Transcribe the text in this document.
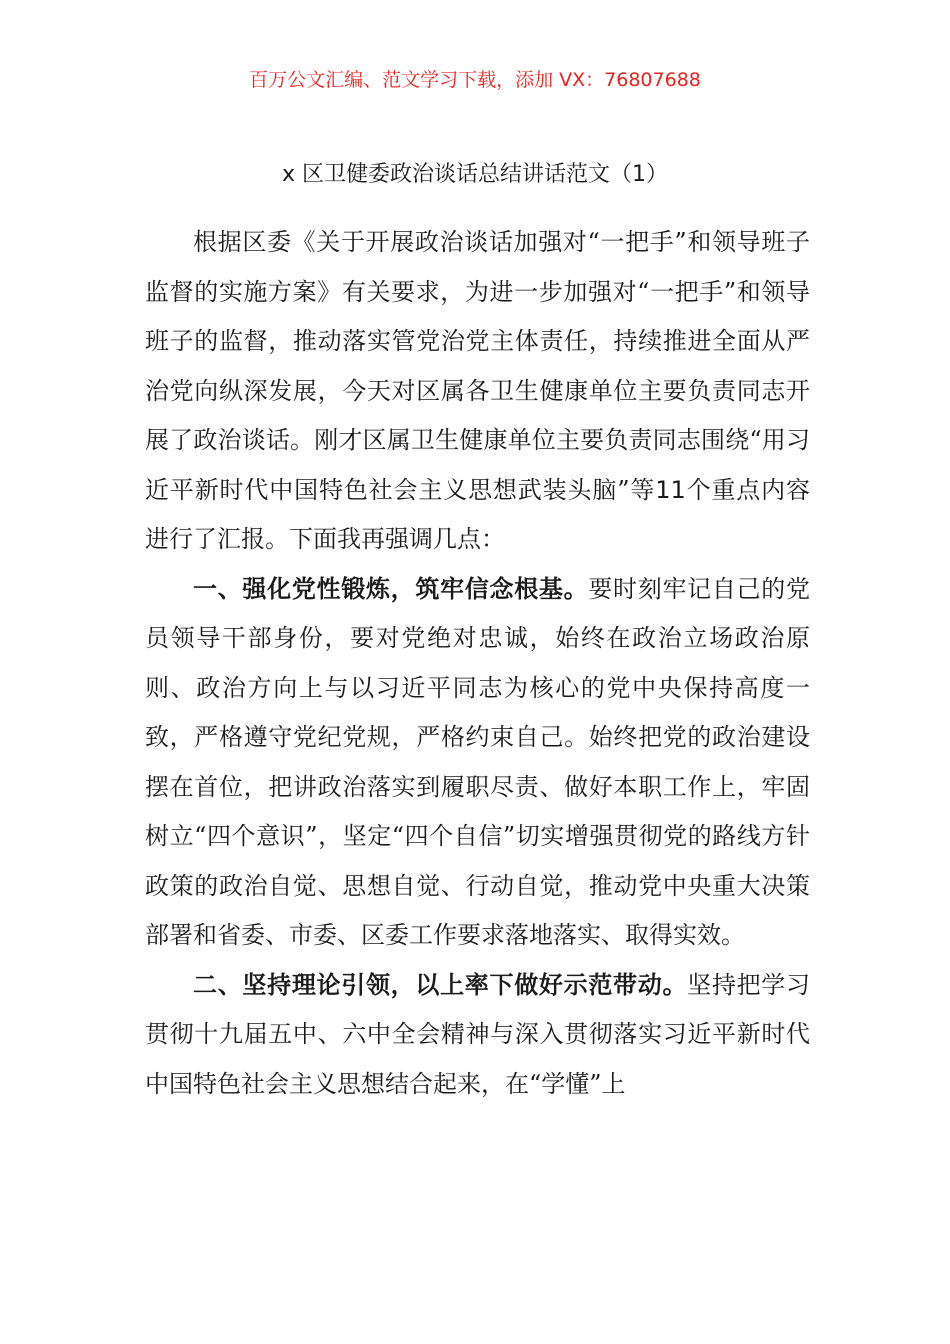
百万公文汇编、范文学习下载，添加 VX：76807688
x 区卫健委政治谈话总结讲话范文（1）

根据区委《关于开展政治谈话加强对“一把手”和领导班子监督的实施方案》有关要求，为进一步加强对“一把手”和领导班子的监督，推动落实管党治党主体责任，持续推进全面从严治党向纵深发展，今天对区属各卫生健康单位主要负责同志开展了政治谈话。刚才区属卫生健康单位主要负责同志围绕“用习近平新时代中国特色社会主义思想武装头脑”等11个重点内容进行了汇报。下面我再强调几点：

一、强化党性锻炼，筑牢信念根基。要时刻牢记自己的党员领导干部身份，要对党绝对忠诚，始终在政治立场政治原则、政治方向上与以习近平同志为核心的党中央保持高度一致，严格遵守党纪党规，严格约束自己。始终把党的政治建设摆在首位，把讲政治落实到履职尽责、做好本职工作上，牢固树立“四个意识”，坚定“四个自信”切实增强贯彻党的路线方针政策的政治自觉、思想自觉、行动自觉，推动党中央重大决策部署和省委、市委、区委工作要求落地落实、取得实效。

二、坚持理论引领，以上率下做好示范带动。坚持把学习贯彻十九届五中、六中全会精神与深入贯彻落实习近平新时代中国特色社会主义思想结合起来，在“学懂”上
